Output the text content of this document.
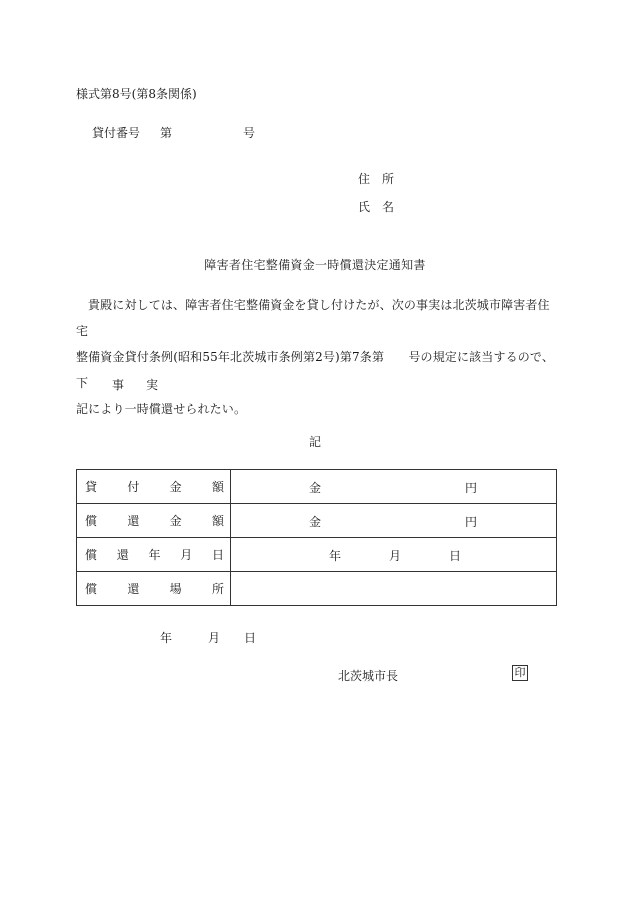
様式第8号(第8条関係)
貸付番号 第	号
住所
氏名
障害者住宅整備資金一時償還決定通知書
貴殿に対しては、障害者住宅整備資金を貸し付けたが、次の事実は北茨城市障害者住宅
整備資金貸付条例(昭和55年北茨城市条例第2号)第7条第　　号の規定に該当するので、下
記により一時償還せられたい。
事実
記
貸 付 金 額	金 円

償 還 金 額	金 円

償 還 年 月 日	年 月 日

償 還 場 所	

年	月 日
北茨城市長	印
